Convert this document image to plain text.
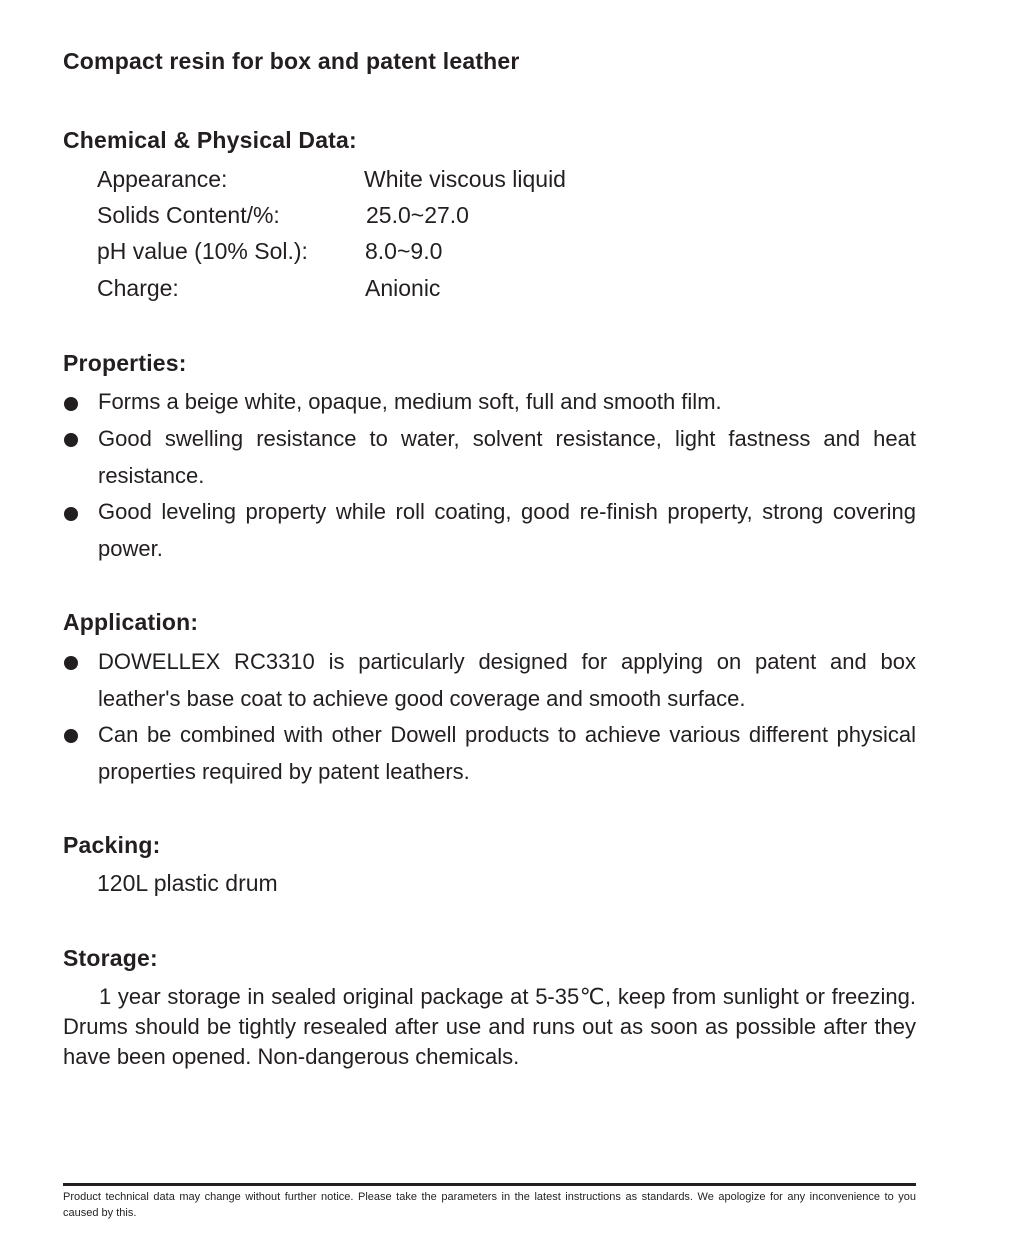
Compact resin for box and patent leather
Chemical & Physical Data:
Appearance:	White viscous liquid
Solids Content/%:	25.0~27.0
pH value (10% Sol.): 8.0~9.0
Charge:	Anionic
Properties:

Forms a beige white, opaque, medium soft, full and smooth film.

Good swelling resistance to water, solvent resistance, light fastness and heat resistance.

Good leveling property while roll coating, good re-finish property, strong covering power.

Application:

DOWELLEX RC3310 is particularly designed for applying on patent and box leather's base coat to achieve good coverage and smooth surface.

Can be combined with other Dowell products to achieve various different physical properties required by patent leathers.

Packing:
120L plastic drum
Storage:

1 year storage in sealed original package at 5-35℃, keep from sunlight or freezing. Drums should be tightly resealed after use and runs out as soon as possible after they have been opened. Non-dangerous chemicals.

Product technical data may change without further notice. Please take the parameters in the latest instructions as standards. We apologize for any inconvenience to you caused by this.
